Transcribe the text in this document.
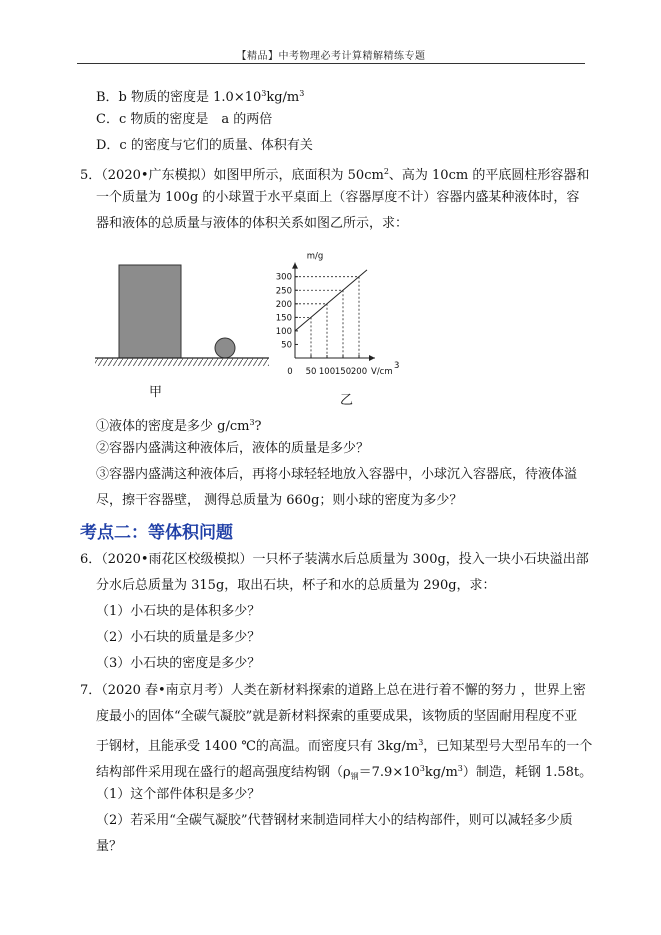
【精品】中考物理必考计算精解精练专题
B．b 物质的密度是 $1.0\times 10^3kg/m^3$
C．c 物质的密度是　a 的两倍
D．c 的密度与它们的质量、体积有关
5．（2020•广东模拟）如图甲所示，底面积为 $50cm^2$、高为 10cm 的平底圆柱形容器和
一个质量为 100g 的小球置于水平桌面上（容器厚度不计）容器内盛某种液体时，容
器和液体的总质量与液体的体积关系如图乙所示，求：
50 100 150 200
50
100
150
200
250
300
0
m/g
V/cm
3
甲
乙
①液体的密度是多少 $g/cm^3$?
②容器内盛满这种液体后，液体的质量是多少？
③容器内盛满这种液体后，再将小球轻轻地放入容器中，小球沉入容器底，待液体溢
尽，擦干容器壁， 测得总质量为 660g；则小球的密度为多少？
考点二：等体积问题
6．（2020•雨花区校级模拟）一只杯子装满水后总质量为 300g，投入一块小石块溢出部
分水后总质量为 315g，取出石块，杯子和水的总质量为 290g，求：
（1）小石块的是体积多少？
（2）小石块的质量是多少？
（3）小石块的密度是多少？
7．（2020 春•南京月考）人类在新材料探索的道路上总在进行着不懈的努力 ，世界上密
度最小的固体“全碳气凝胶”就是新材料探索的重要成果，该物质的坚固耐用程度不亚
于钢材，且能承受 1400 ℃的高温。而密度只有 $3kg/m^3$，已知某型号大型吊车的一个
结构部件采用现在盛行的超高强度结构钢$(\rho_钢=7.9\times 10^3kg/m^3)$制造，耗钢 1.58t。
（1）这个部件体积是多少？
（2）若采用“全碳气凝胶”代替钢材来制造同样大小的结构部件，则可以减轻多少质
量？
